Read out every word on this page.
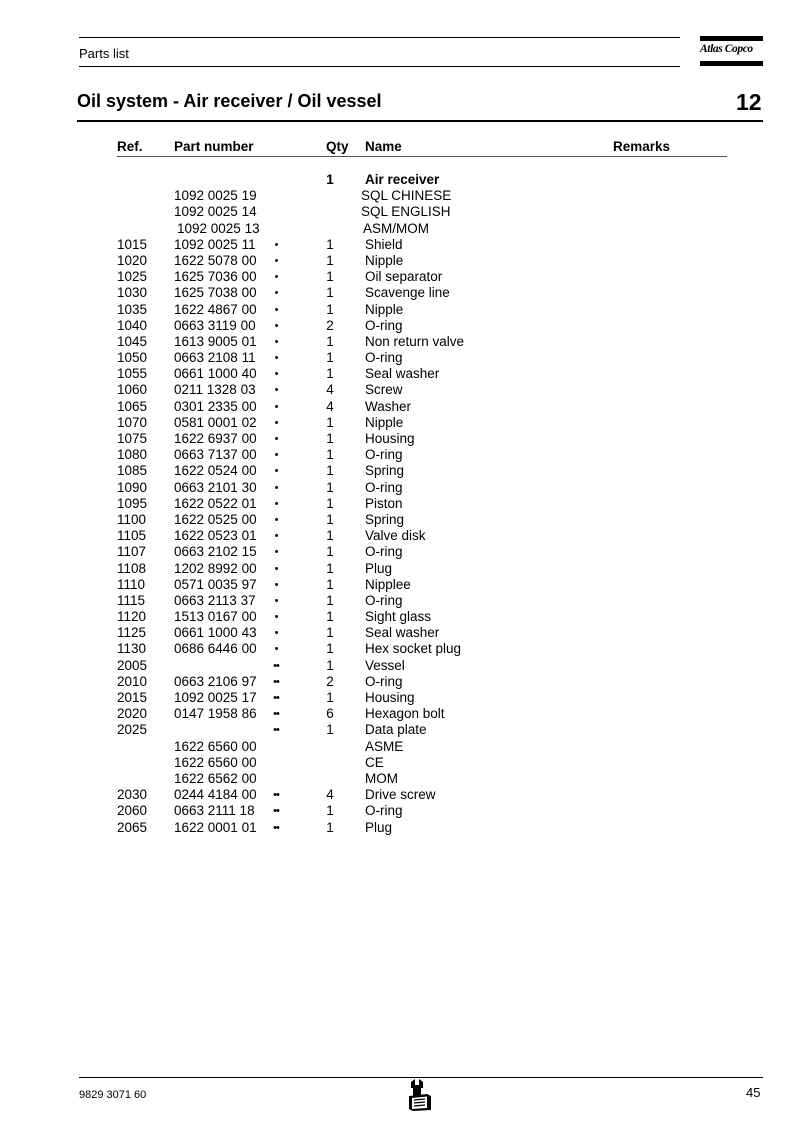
Parts list	Atlas Copco
Oil system - Air receiver / Oil vessel	12
Ref. Part number	Qty Name	Remarks
1	Air receiver
1092 0025 19	SQL CHINESE
1092 0025 14	SQL ENGLISH
1092 0025 13	ASM/MOM
1015 1092 0025 11	•	1	Shield
1020 1622 5078 00	•	1	Nipple
1025 1625 7036 00	•	1	Oil separator
1030 1625 7038 00	•	1	Scavenge line
1035 1622 4867 00	•	1	Nipple
1040 0663 3119 00	•	2	O-ring
1045 1613 9005 01	•	1	Non return valve
1050 0663 2108 11	•	1	O-ring
1055 0661 1000 40	•	1	Seal washer
1060 0211 1328 03	•	4	Screw
1065 0301 2335 00	•	4	Washer
1070 0581 0001 02	•	1	Nipple
1075 1622 6937 00	•	1	Housing
1080 0663 7137 00	•	1	O-ring
1085 1622 0524 00	•	1	Spring
1090 0663 2101 30	•	1	O-ring
1095 1622 0522 01	•	1	Piston
1100 1622 0525 00	•	1	Spring
1105 1622 0523 01	•	1	Valve disk
1107 0663 2102 15	•	1	O-ring
1108 1202 8992 00	•	1	Plug
1110 0571 0035 97	•	1	Nipplee
1115 0663 2113 37	•	1	O-ring
1120 1513 0167 00	•	1	Sight glass
1125 0661 1000 43	•	1	Seal washer
1130 0686 6446 00	•	1	Hex socket plug
2005	••	1	Vessel
2010 0663 2106 97	••	2	O-ring
2015 1092 0025 17	••	1	Housing
2020 0147 1958 86	••	6	Hexagon bolt
2025	••	1	Data plate
1622 6560 00	ASME
1622 6560 00	CE
1622 6562 00	MOM
2030 0244 4184 00	••	4	Drive screw
2060 0663 2111 18	••	1	O-ring
2065 1622 0001 01	••	1	Plug
9829 3071 60	45
